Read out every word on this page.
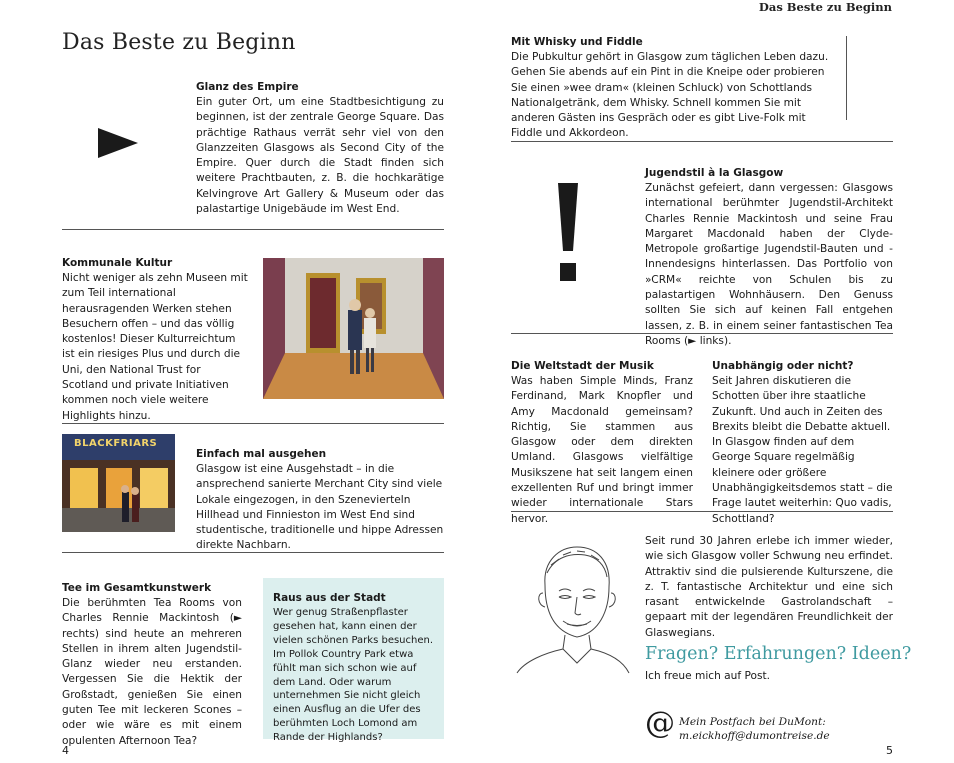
Das Beste zu Beginn
Das Beste zu Beginn
Glanz des Empire

Ein guter Ort, um eine Stadtbesichtigung zu beginnen, ist der zentrale George Square. Das prächtige Rathaus verrät sehr viel von den Glanzzeiten Glasgows als Second City of the Empire. Quer durch die Stadt finden sich weitere Prachtbauten, z. B. die hochkarätige Kelvingrove Art Gallery & Museum oder das palastartige Unigebäude im West End.

Kommunale Kultur

Nicht weniger als zehn Museen mit zum Teil international herausragenden Werken stehen Besuchern offen – und das völlig kostenlos! Dieser Kulturreichtum ist ein riesiges Plus und durch die Uni, den National Trust for Scotland und private Initiativen kommen noch viele weitere Highlights hinzu.

BLACKFRIARS
Einfach mal ausgehen

Glasgow ist eine Ausgehstadt – in die ansprechend sanierte Merchant City sind viele Lokale eingezogen, in den Szenevierteln Hillhead und Finnieston im West End sind studentische, traditionelle und hippe Adressen direkte Nachbarn.

Tee im Gesamtkunstwerk

Die berühmten Tea Rooms von Charles Rennie Mackintosh (► rechts) sind heute an mehreren Stellen in ihrem alten Jugendstil-Glanz wieder neu erstanden. Vergessen Sie die Hektik der Großstadt, genießen Sie einen guten Tee mit leckeren Scones – oder wie wäre es mit einem opulenten Afternoon Tea?

Raus aus der Stadt

Wer genug Straßenpflaster gesehen hat, kann einen der vielen schönen Parks besuchen. Im Pollok Country Park etwa fühlt man sich schon wie auf dem Land. Oder warum unternehmen Sie nicht gleich einen Ausflug an die Ufer des berühmten Loch Lomond am Rande der Highlands?

4
Mit Whisky und Fiddle

Die Pubkultur gehört in Glasgow zum täglichen Leben dazu. Gehen Sie abends auf ein Pint in die Kneipe oder probieren Sie einen »wee dram« (kleinen Schluck) von Schottlands Nationalgetränk, dem Whisky. Schnell kommen Sie mit anderen Gästen ins Gespräch oder es gibt Live-Folk mit Fiddle und Akkordeon.

Jugendstil à la Glasgow

Zunächst gefeiert, dann vergessen: Glasgows international berühmter Jugendstil-Architekt Charles Rennie Mackintosh und seine Frau Margaret Macdonald haben der Clyde-Metropole großartige Jugendstil-Bauten und -Innendesigns hinterlassen. Das Portfolio von »CRM« reichte von Schulen bis zu palastartigen Wohnhäusern. Den Genuss sollten Sie sich auf keinen Fall entgehen lassen, z. B. in einem seiner fantastischen Tea Rooms (► links).

Die Weltstadt der Musik

Was haben Simple Minds, Franz Ferdinand, Mark Knopfler und Amy Macdonald gemeinsam? Richtig, Sie stammen aus Glasgow oder dem direkten Umland. Glasgows vielfältige Musikszene hat seit langem einen exzellenten Ruf und bringt immer wieder internationale Stars hervor.

Unabhängig oder nicht?

Seit Jahren diskutieren die Schotten über ihre staatliche Zukunft. Und auch in Zeiten des Brexits bleibt die Debatte aktuell. In Glasgow finden auf dem George Square regelmäßig kleinere oder größere Unabhängigkeitsdemos statt – die Frage lautet weiterhin: Quo vadis, Schottland?

Seit rund 30 Jahren erlebe ich immer wieder, wie sich Glasgow voller Schwung neu erfindet. Attraktiv sind die pulsierende Kulturszene, die z. T. fantastische Architektur und eine sich rasant entwickelnde Gastrolandschaft – gepaart mit der legendären Freundlichkeit der Glaswegians.

Fragen? Erfahrungen? Ideen?
Ich freue mich auf Post.
@ Mein Postfach bei DuMont:
m.eickhoff@dumontreise.de
5
